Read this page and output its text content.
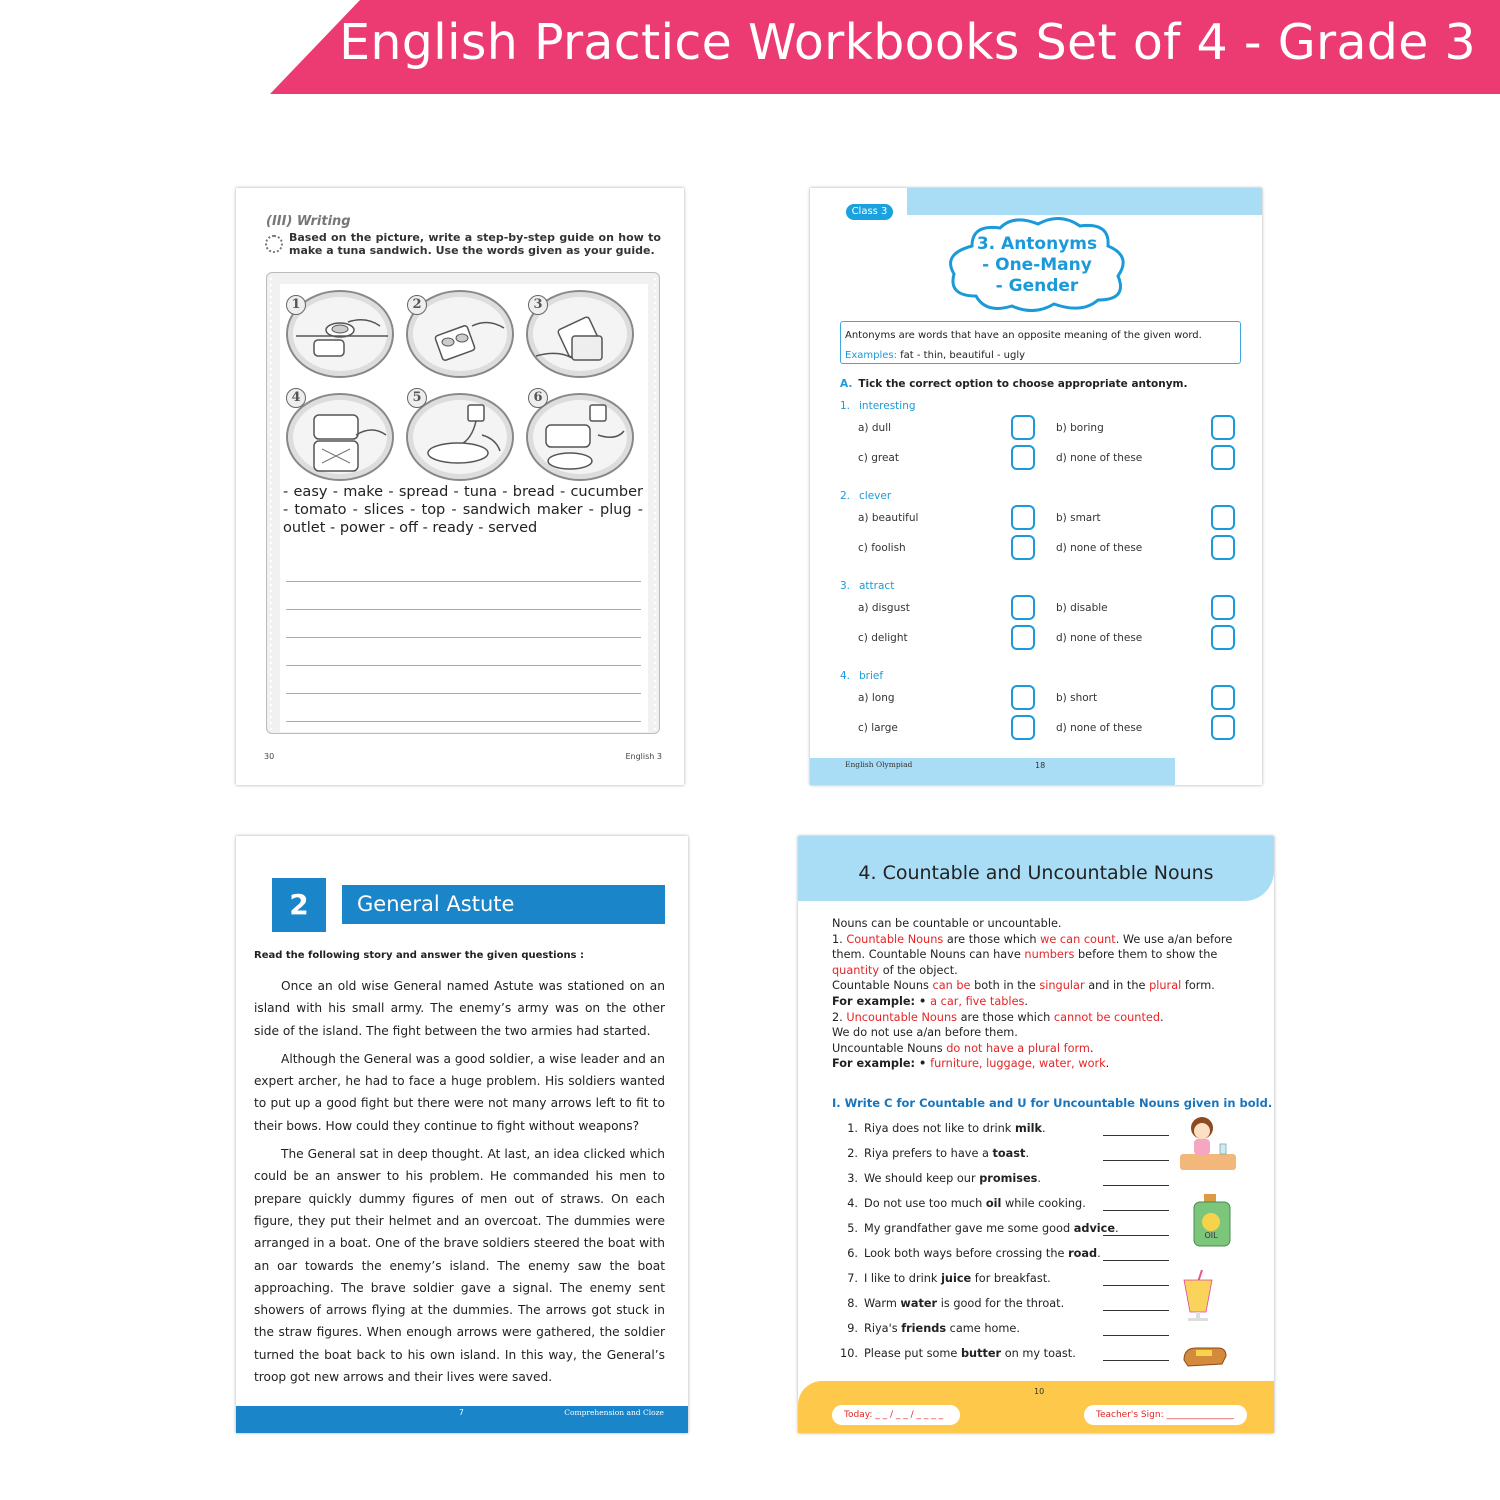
English Practice Workbooks Set of 4 - Grade 3
(III) Writing
Based on the picture, write a step-by-step guide on how to make a tuna sandwich. Use the words given as your guide.
1	2	3
4	5	6
- easy - make - spread - tuna - bread - cucumber - tomato - slices - top - sandwich maker - plug - outlet - power - off - ready - served
30	English 3
Class 3
3. Antonyms
- One-Many
- Gender
Antonyms are words that have an opposite meaning of the given word.
Examples: fat - thin, beautiful - ugly
A. Tick the correct option to choose appropriate antonym.
1. interesting
a) dull	b) boring
c) great	d) none of these
2. clever
a) beautiful	b) smart
c) foolish	d) none of these
3. attract
a) disgust	b) disable
c) delight	d) none of these
4. brief
a) long	b) short
c) large	d) none of these
English Olympiad	18
2	General Astute
Read the following story and answer the given questions :

Once an old wise General named Astute was stationed on an island with his small army. The enemy’s army was on the other side of the island. The fight between the two armies had started.

Although the General was a good soldier, a wise leader and an expert archer, he had to face a huge problem. His soldiers wanted to put up a good fight but there were not many arrows left to fit to their bows. How could they continue to fight without weapons?

The General sat in deep thought. At last, an idea clicked which could be an answer to his problem. He commanded his men to prepare quickly dummy figures of men out of straws. On each figure, they put their helmet and an overcoat. The dummies were arranged in a boat. One of the brave soldiers steered the boat with an oar towards the enemy’s island. The enemy saw the boat approaching. The brave soldier gave a signal. The enemy sent showers of arrows flying at the dummies. The arrows got stuck in the straw figures. When enough arrows were gathered, the soldier turned the boat back to his own island. In this way, the General’s troop got new arrows and their lives were saved.

7	Comprehension and Cloze
4. Countable and Uncountable Nouns
Nouns can be countable or uncountable.
1. Countable Nouns are those which we can count. We use a/an before them. Countable Nouns can have numbers before them to show the quantity of the object.
Countable Nouns can be both in the singular and in the plural form.
For example: • a car, five tables.
2. Uncountable Nouns are those which cannot be counted.
We do not use a/an before them.
Uncountable Nouns do not have a plural form.
For example: • furniture, luggage, water, work.
I. Write C for Countable and U for Uncountable Nouns given in bold.
1. Riya does not like to drink milk.
2. Riya prefers to have a toast.
3. We should keep our promises.
4. Do not use too much oil while cooking.
5. My grandfather gave me some good advice.
6. Look both ways before crossing the road.
7. I like to drink juice for breakfast.
8. Warm water is good for the throat.
9. Riya's friends came home.
10. Please put some butter on my toast.
OIL
Today: _ _ / _ _ / _ _ _ _
10
Teacher's Sign: _______________
